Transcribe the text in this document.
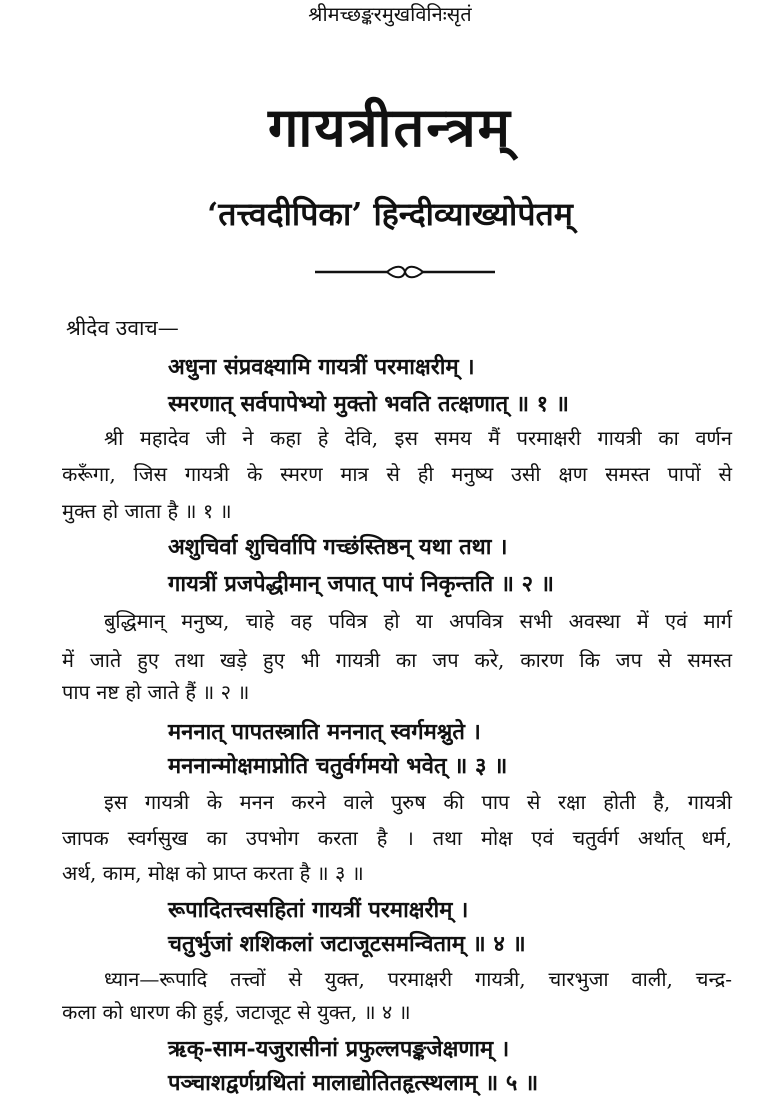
श्रीमच्छङ्करमुखविनिःसृतं
गायत्रीतन्त्रम्
‘तत्त्वदीपिका’ हिन्दीव्याख्योपेतम्
श्रीदेव उवाच—
अधुना संप्रवक्ष्यामि गायत्रीं परमाक्षरीम् ।
स्मरणात् सर्वपापेभ्यो मुक्तो भवति तत्क्षणात् ॥ १ ॥
श्री महादेव जी ने कहा हे देवि, इस समय मैं परमाक्षरी गायत्री का वर्णन
करूँगा, जिस गायत्री के स्मरण मात्र से ही मनुष्य उसी क्षण समस्त पापों से
मुक्त हो जाता है ॥ १ ॥
अशुचिर्वा शुचिर्वापि गच्छंस्तिष्ठन् यथा तथा ।
गायत्रीं प्रजपेद्धीमान् जपात् पापं निकृन्तति ॥ २ ॥
बुद्धिमान् मनुष्य, चाहे वह पवित्र हो या अपवित्र सभी अवस्था में एवं मार्ग
में जाते हुए तथा खड़े हुए भी गायत्री का जप करे, कारण कि जप से समस्त
पाप नष्ट हो जाते हैं ॥ २ ॥
मननात् पापतस्त्राति मननात् स्वर्गमश्नुते ।
मननान्मोक्षमाप्नोति चतुर्वर्गमयो भवेत् ॥ ३ ॥
इस गायत्री के मनन करने वाले पुरुष की पाप से रक्षा होती है, गायत्री
जापक स्वर्गसुख का उपभोग करता है । तथा मोक्ष एवं चतुर्वर्ग अर्थात् धर्म,
अर्थ, काम, मोक्ष को प्राप्त करता है ॥ ३ ॥
रूपादितत्त्वसहितां गायत्रीं परमाक्षरीम् ।
चतुर्भुजां शशिकलां जटाजूटसमन्विताम् ॥ ४ ॥
ध्यान—रूपादि तत्त्वों से युक्त, परमाक्षरी गायत्री, चारभुजा वाली, चन्द्र-
कला को धारण की हुई, जटाजूट से युक्त, ॥ ४ ॥
ऋक्-साम-यजुरासीनां प्रफुल्लपङ्कजेक्षणाम् ।
पञ्चाशद्वर्णग्रथितां मालाद्योतितहृत्स्थलाम् ॥ ५ ॥
